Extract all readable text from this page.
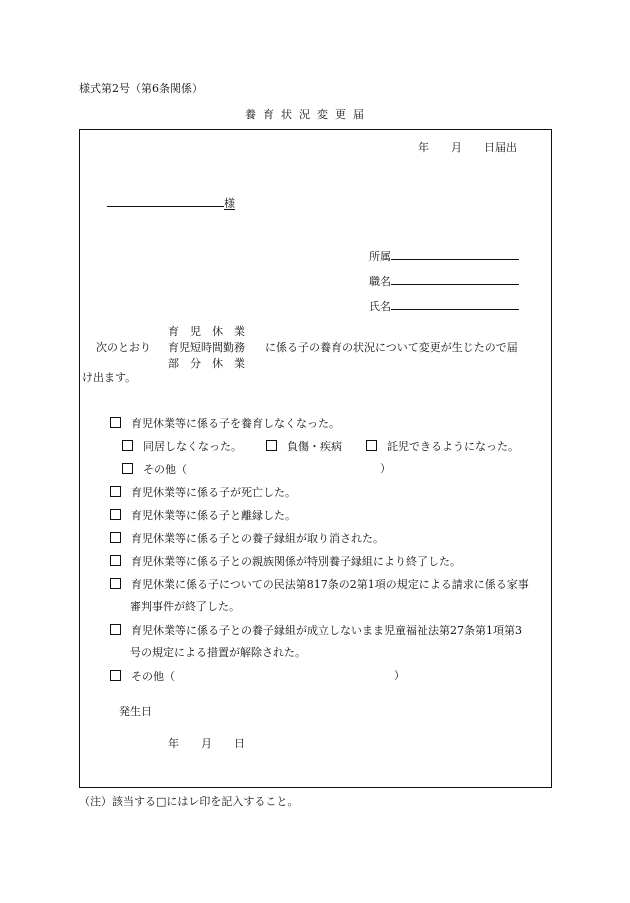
様式第2号（第6条関係）
養育状況変更届
年　　月　　日届出
様
所属
職名
氏名
育　児　休　業
次のとおり 育児短時間勤務 に係る子の養育の状況について変更が生じたので届
部　分　休　業
け出ます。
育児休業等に係る子を養育しなくなった。
同居しなくなった。	負傷・疾病	託児できるようになった。
その他（	）
育児休業等に係る子が死亡した。
育児休業等に係る子と離縁した。
育児休業等に係る子との養子縁組が取り消された。
育児休業等に係る子との親族関係が特別養子縁組により終了した。
育児休業に係る子についての民法第817条の2第1項の規定による請求に係る家事
審判事件が終了した。
育児休業等に係る子との養子縁組が成立しないまま児童福祉法第27条第1項第3
号の規定による措置が解除された。
その他（	）
発生日
年　　月　　日
（注）該当する□にはレ印を記入すること。
